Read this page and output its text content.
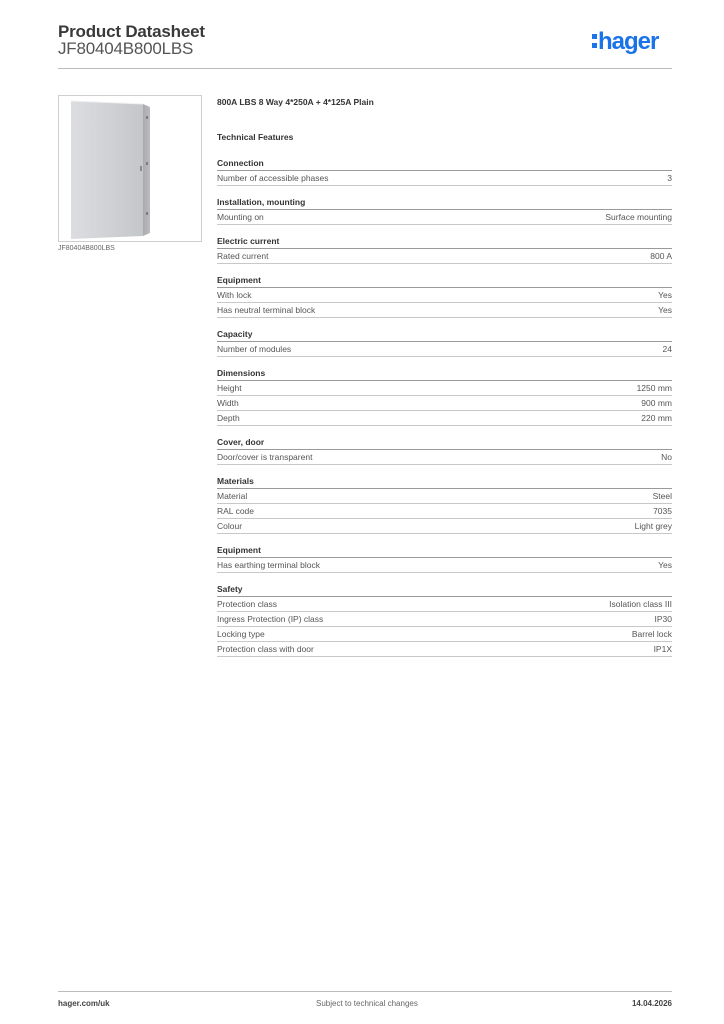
Product Datasheet
JF80404B800LBS	hager
JF80404B800LBS
800A LBS 8 Way 4*250A + 4*125A Plain
Technical Features
Connection
Number of accessible phases	3
Installation, mounting
Mounting on	Surface mounting
Electric current
Rated current	800 A
Equipment
With lock	Yes
Has neutral terminal block	Yes
Capacity
Number of modules	24
Dimensions
Height	1250 mm
Width	900 mm
Depth	220 mm
Cover, door
Door/cover is transparent	No
Materials
Material	Steel
RAL code	7035
Colour	Light grey
Equipment
Has earthing terminal block	Yes
Safety
Protection class	Isolation class III
Ingress Protection (IP) class	IP30
Locking type	Barrel lock
Protection class with door	IP1X
hager.com/uk	Subject to technical changes	14.04.2026
